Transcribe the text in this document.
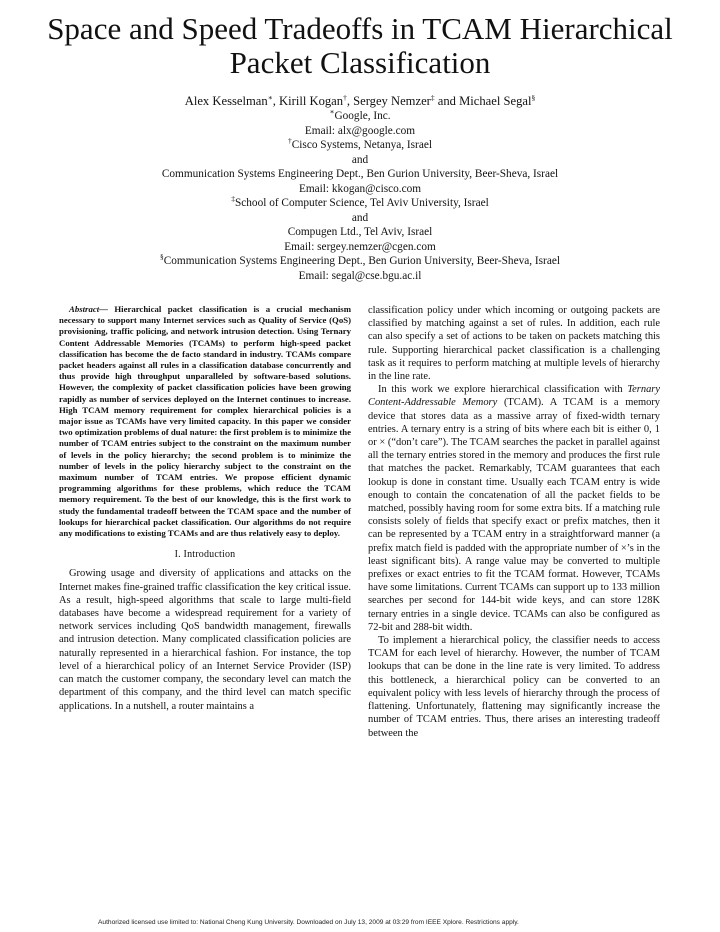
Space and Speed Tradeoffs in TCAM Hierarchical Packet Classification
Alex Kesselman∗, Kirill Kogan†, Sergey Nemzer‡ and Michael Segal§
∗Google, Inc.
Email: alx@google.com
†Cisco Systems, Netanya, Israel
and
Communication Systems Engineering Dept., Ben Gurion University, Beer-Sheva, Israel
Email: kkogan@cisco.com
‡School of Computer Science, Tel Aviv University, Israel
and
Compugen Ltd., Tel Aviv, Israel
Email: sergey.nemzer@cgen.com
§Communication Systems Engineering Dept., Ben Gurion University, Beer-Sheva, Israel
Email: segal@cse.bgu.ac.il

Abstract— Hierarchical packet classification is a crucial mechanism necessary to support many Internet services such as Quality of Service (QoS) provisioning, traffic policing, and network intrusion detection. Using Ternary Content Addressable Memories (TCAMs) to perform high-speed packet classification has become the de facto standard in industry. TCAMs compare packet headers against all rules in a classification database concurrently and thus provide high throughput unparalleled by software-based solutions. However, the complexity of packet classification policies have been growing rapidly as number of services deployed on the Internet continues to increase. High TCAM memory requirement for complex hierarchical policies is a major issue as TCAMs have very limited capacity. In this paper we consider two optimization problems of dual nature: the first problem is to minimize the number of TCAM entries subject to the constraint on the maximum number of levels in the policy hierarchy; the second problem is to minimize the number of levels in the policy hierarchy subject to the constraint on the maximum number of TCAM entries. We propose efficient dynamic programming algorithms for these problems, which reduce the TCAM memory requirement. To the best of our knowledge, this is the first work to study the fundamental tradeoff between the TCAM space and the number of lookups for hierarchical packet classification. Our algorithms do not require any modifications to existing TCAMs and are thus relatively easy to deploy.

I. Introduction

Growing usage and diversity of applications and attacks on the Internet makes fine-grained traffic classification the key critical issue. As a result, high-speed algorithms that scale to large multi-field databases have become a widespread requirement for a variety of network services including QoS bandwidth management, firewalls and intrusion detection. Many complicated classification policies are naturally represented in a hierarchical fashion. For instance, the top level of a hierarchical policy of an Internet Service Provider (ISP) can match the customer company, the secondary level can match the department of this company, and the third level can match specific applications. In a nutshell, a router maintains a

classification policy under which incoming or outgoing packets are classified by matching against a set of rules. In addition, each rule can also specify a set of actions to be taken on packets matching this rule. Supporting hierarchical packet classification is a challenging task as it requires to perform matching at multiple levels of hierarchy in the line rate.

In this work we explore hierarchical classification with Ternary Content-Addressable Memory (TCAM). A TCAM is a memory device that stores data as a massive array of fixed-width ternary entries. A ternary entry is a string of bits where each bit is either 0, 1 or × (“don’t care”). The TCAM searches the packet in parallel against all the ternary entries stored in the memory and produces the first rule that matches the packet. Remarkably, TCAM guarantees that each lookup is done in constant time. Usually each TCAM entry is wide enough to contain the concatenation of all the packet fields to be matched, possibly having room for some extra bits. If a matching rule consists solely of fields that specify exact or prefix matches, then it can be represented by a TCAM entry in a straightforward manner (a prefix match field is padded with the appropriate number of ×’s in the least significant bits). A range value may be converted to multiple prefixes or exact entries to fit the TCAM format. However, TCAMs have some limitations. Current TCAMs can support up to 133 million searches per second for 144-bit wide keys, and can store 128K ternary entries in a single device. TCAMs can also be configured as 72-bit and 288-bit width.

To implement a hierarchical policy, the classifier needs to access TCAM for each level of hierarchy. However, the number of TCAM lookups that can be done in the line rate is very limited. To address this bottleneck, a hierarchical policy can be converted to an equivalent policy with less levels of hierarchy through the process of flattening. Unfortunately, flattening may significantly increase the number of TCAM entries. Thus, there arises an interesting tradeoff between the

Authorized licensed use limited to: National Cheng Kung University. Downloaded on July 13, 2009 at 03:29 from IEEE Xplore. Restrictions apply.
